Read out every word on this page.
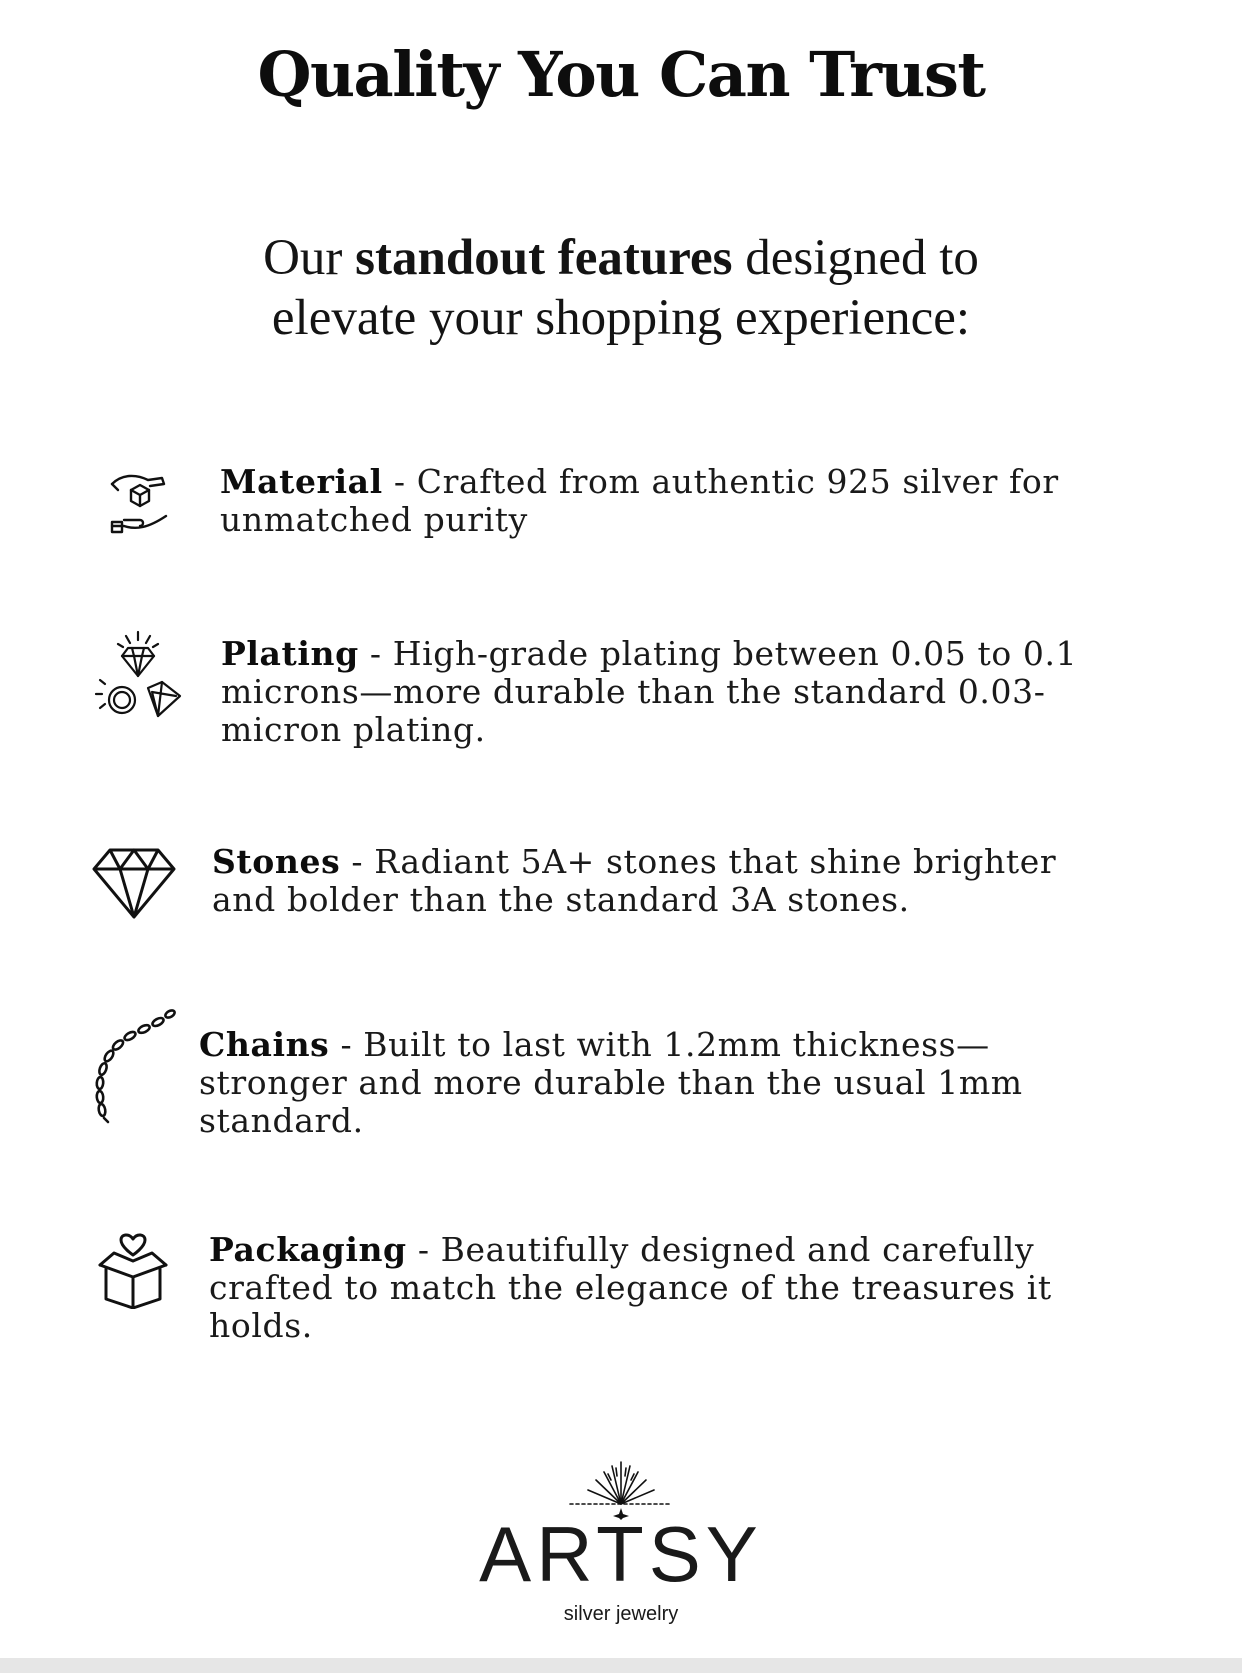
Quality You Can Trust
Our standout features designed to
elevate your shopping experience:
Material - Crafted from authentic 925 silver for unmatched purity
Plating - High-grade plating between 0.05 to 0.1 microns—more durable than the standard 0.03-micron plating.
Stones - Radiant 5A+ stones that shine brighter and bolder than the standard 3A stones.
Chains - Built to last with 1.2mm thickness—stronger and more durable than the usual 1mm standard.
Packaging - Beautifully designed and carefully crafted to match the elegance of the treasures it holds.
ARTSY
silver jewelry
